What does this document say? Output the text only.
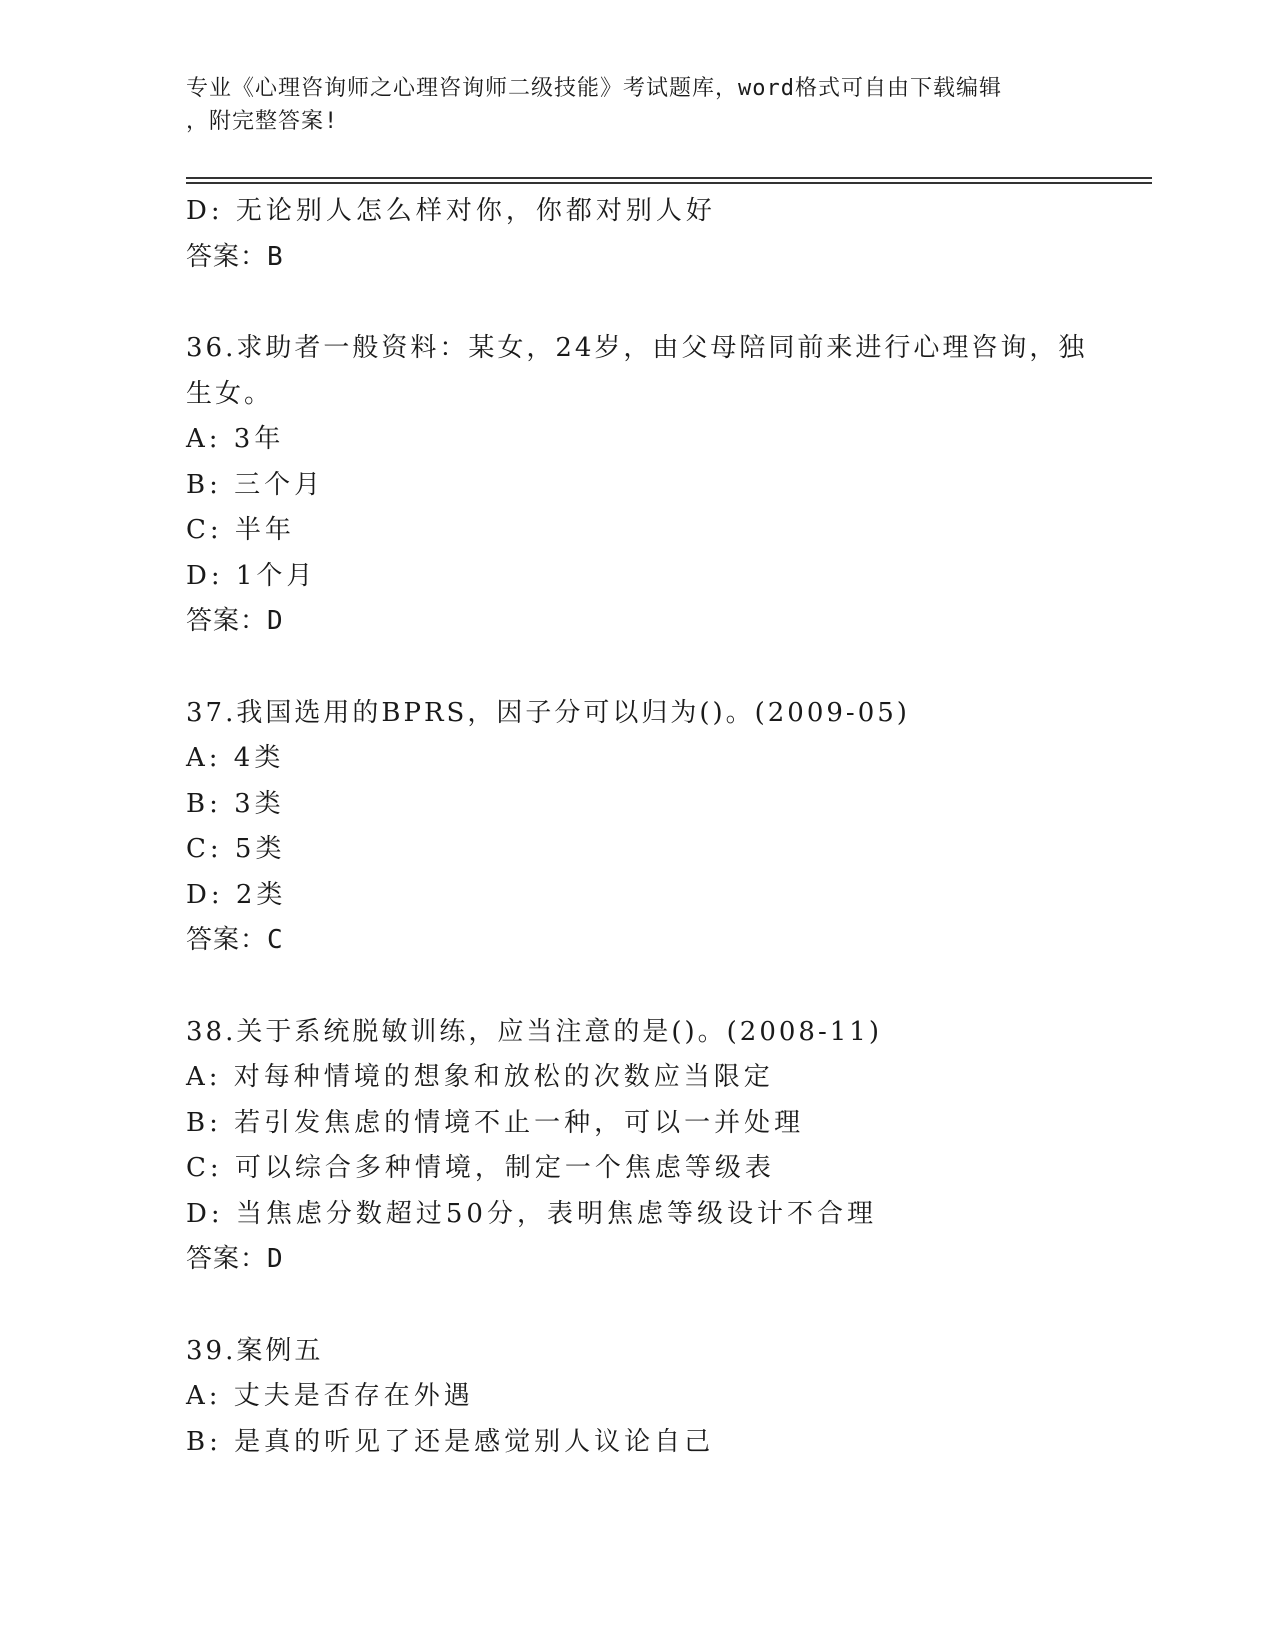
专业《心理咨询师之心理咨询师二级技能》考试题库，word格式可自由下载编辑
，附完整答案!
D: 无论别人怎么样对你，你都对别人好
答案：B
36.求助者一般资料：某女，24岁，由父母陪同前来进行心理咨询，独
生女。
A: 3年
B: 三个月
C: 半年
D: 1个月
答案：D
37.我国选用的BPRS，因子分可以归为()。(2009-05)
A: 4类
B: 3类
C: 5类
D: 2类
答案：C
38.关于系统脱敏训练，应当注意的是()。(2008-11)
A: 对每种情境的想象和放松的次数应当限定
B: 若引发焦虑的情境不止一种，可以一并处理
C: 可以综合多种情境，制定一个焦虑等级表
D: 当焦虑分数超过50分，表明焦虑等级设计不合理
答案：D
39.案例五
A: 丈夫是否存在外遇
B: 是真的听见了还是感觉别人议论自己
